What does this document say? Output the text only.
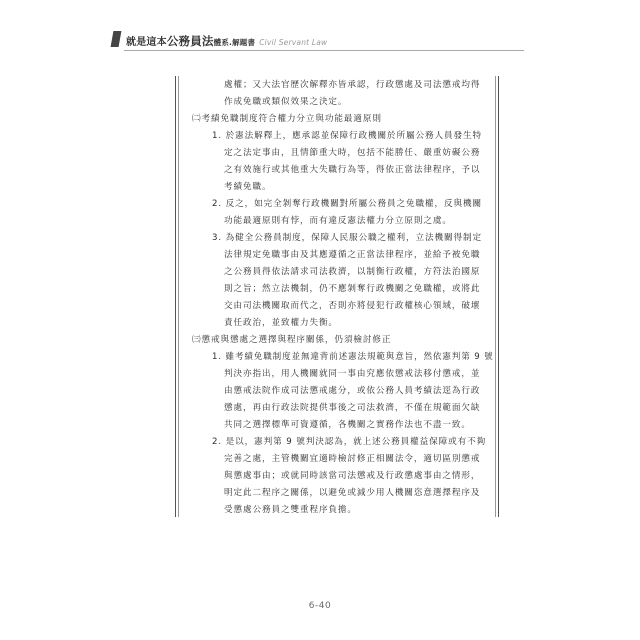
就是這本公務員法體系.解題書 Civil Servant Law
處權；又大法官歷次解釋亦皆承認，行政懲處及司法懲戒均得
作成免職或類似效果之決定。
㈡考績免職制度符合權力分立與功能最適原則
1. 於憲法解釋上，應承認並保障行政機關於所屬公務人員發生特
定之法定事由，且情節重大時，包括不能勝任、嚴重妨礙公務
之有效施行或其他重大失職行為等，得依正當法律程序，予以
考績免職。
2. 反之，如完全剝奪行政機關對所屬公務員之免職權，反與機關
功能最適原則有悖，而有違反憲法權力分立原則之虞。
3. 為健全公務員制度，保障人民服公職之權利，立法機關得制定
法律規定免職事由及其應遵循之正當法律程序，並給予被免職
之公務員得依法請求司法救濟，以制衡行政權，方符法治國原
則之旨；然立法機制，仍不應剝奪行政機關之免職權，或將此
交由司法機關取而代之，否則亦將侵犯行政權核心領域，破壞
責任政治，並致權力失衡。
㈢懲戒與懲處之選擇與程序關係，仍須檢討修正
1. 雖考績免職制度並無違背前述憲法規範與意旨，然依憲判第 9 號
判決亦指出，用人機關就同一事由究應依懲戒法移付懲戒，並
由懲戒法院作成司法懲戒處分，或依公務人員考績法逕為行政
懲處，再由行政法院提供事後之司法救濟，不僅在規範面欠缺
共同之選擇標準可資遵循，各機關之實務作法也不盡一致。
2. 是以，憲判第 9 號判決認為，就上述公務員權益保障或有不夠
完善之處，主管機關宜適時檢討修正相關法令，適切區別懲戒
與懲處事由；或就同時該當司法懲戒及行政懲處事由之情形，
明定此二程序之關係，以避免或減少用人機關恣意選擇程序及
受懲處公務員之雙重程序負擔。
6-40
